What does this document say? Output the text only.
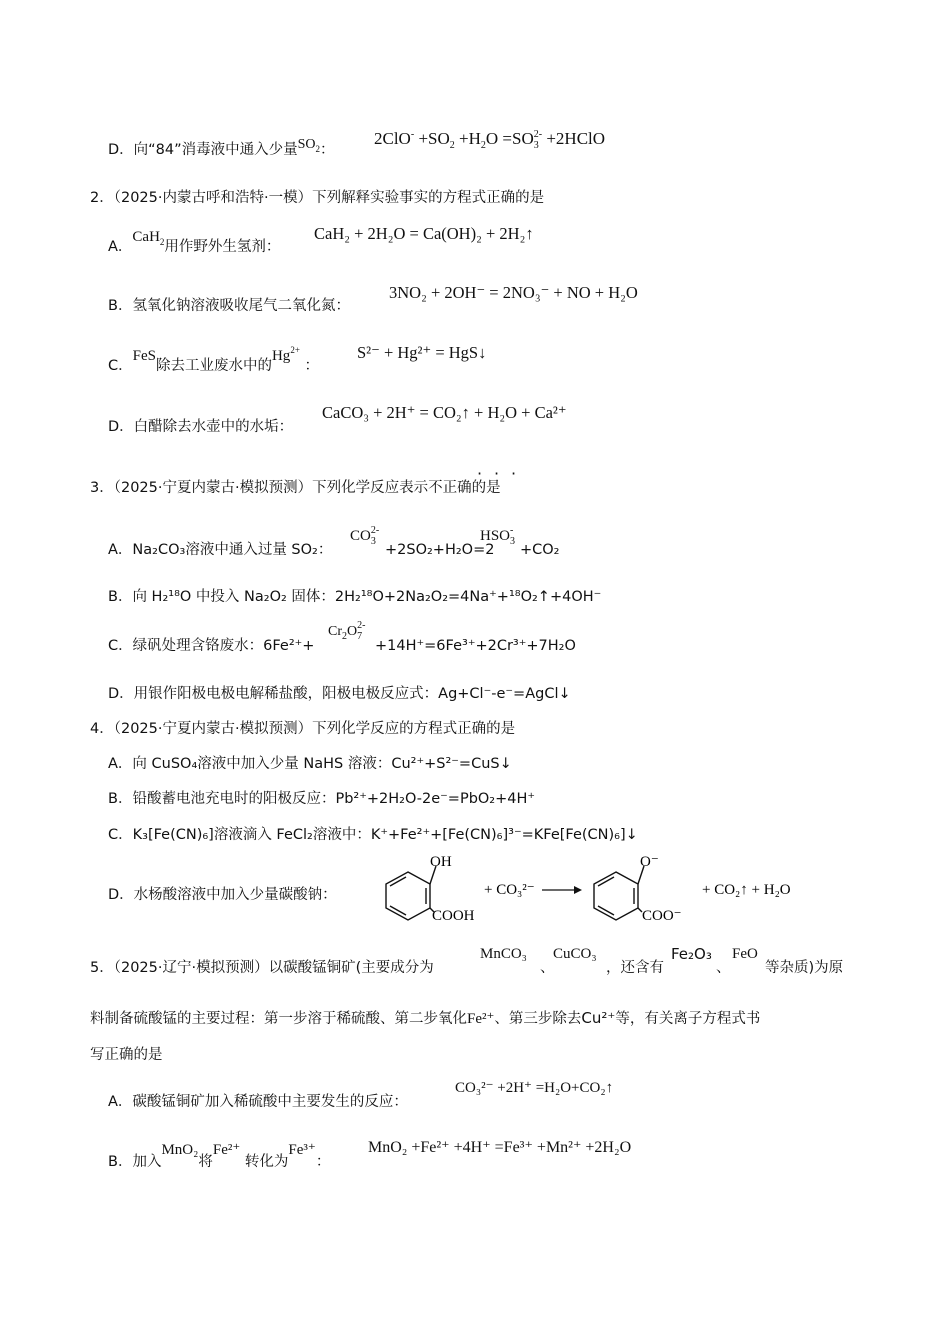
D．向“84”消毒液中通入少量$SO_2$：
$2ClO^- +SO_2 +H_2O =SO_3^{2-}$ +2HClO
2．（2025·内蒙古呼和浩特·一模）下列解释实验事实的方程式正确的是
A．CaH$_2$用作野外生氢剂：
CaH₂ + 2H₂O = Ca(OH)₂ + 2H₂↑
B．氢氧化钠溶液吸收尾气二氧化氮：
3NO₂ + 2OH⁻ = 2NO₃⁻ + NO + H₂O
C．FeS除去工业废水中的$Hg^{2+}$ ：
S²⁻ + Hg²⁺ = HgS↓
D．白醋除去水壶中的水垢：
CaCO₃ + 2H⁺ = CO₂↑ + H₂O + Ca²⁺
· · ·
3．（2025·宁夏内蒙古·模拟预测）下列化学反应表示不正确的是
A．Na₂CO₃溶液中通入过量 SO₂：
$CO_3^{2-}$
+2SO₂+H₂O=2
$HSO_3^-$
+CO₂
B．向 H₂¹⁸O 中投入 Na₂O₂ 固体：2H₂¹⁸O+2Na₂O₂=4Na⁺+¹⁸O₂↑+4OH⁻
C．绿矾处理含铬废水：6Fe²⁺+
$Cr_2O_7^{2-}$
+14H⁺=6Fe³⁺+2Cr³⁺+7H₂O
D．用银作阳极电极电解稀盐酸，阳极电极反应式：Ag+Cl⁻-e⁻=AgCl↓
4．（2025·宁夏内蒙古·模拟预测）下列化学反应的方程式正确的是
A．向 CuSO₄溶液中加入少量 NaHS 溶液：Cu²⁺+S²⁻=CuS↓
B．铅酸蓄电池充电时的阳极反应：Pb²⁺+2H₂O-2e⁻=PbO₂+4H⁺
C．K₃[Fe(CN)₆]溶液滴入 FeCl₂溶液中：K⁺+Fe²⁺+[Fe(CN)₆]³⁻=KFe[Fe(CN)₆]↓
D．水杨酸溶液中加入少量碳酸钠：
OH
COOH
+ CO₃²⁻
O⁻
COO⁻
+ CO₂↑ + H₂O
5．（2025·辽宁·模拟预测）以碳酸锰铜矿(主要成分为
MnCO₃
、
CuCO₃
，还含有
Fe₂O₃
、
FeO
等杂质)为原
料制备硫酸锰的主要过程：第一步溶于稀硫酸、第二步氧化Fe²⁺、第三步除去Cu²⁺等，有关离子方程式书
写正确的是
A．碳酸锰铜矿加入稀硫酸中主要发生的反应：
CO₃²⁻ +2H⁺ =H₂O+CO₂↑
B．加入MnO₂将Fe²⁺ 转化为Fe³⁺：
MnO₂ +Fe²⁺ +4H⁺ =Fe³⁺ +Mn²⁺ +2H₂O
